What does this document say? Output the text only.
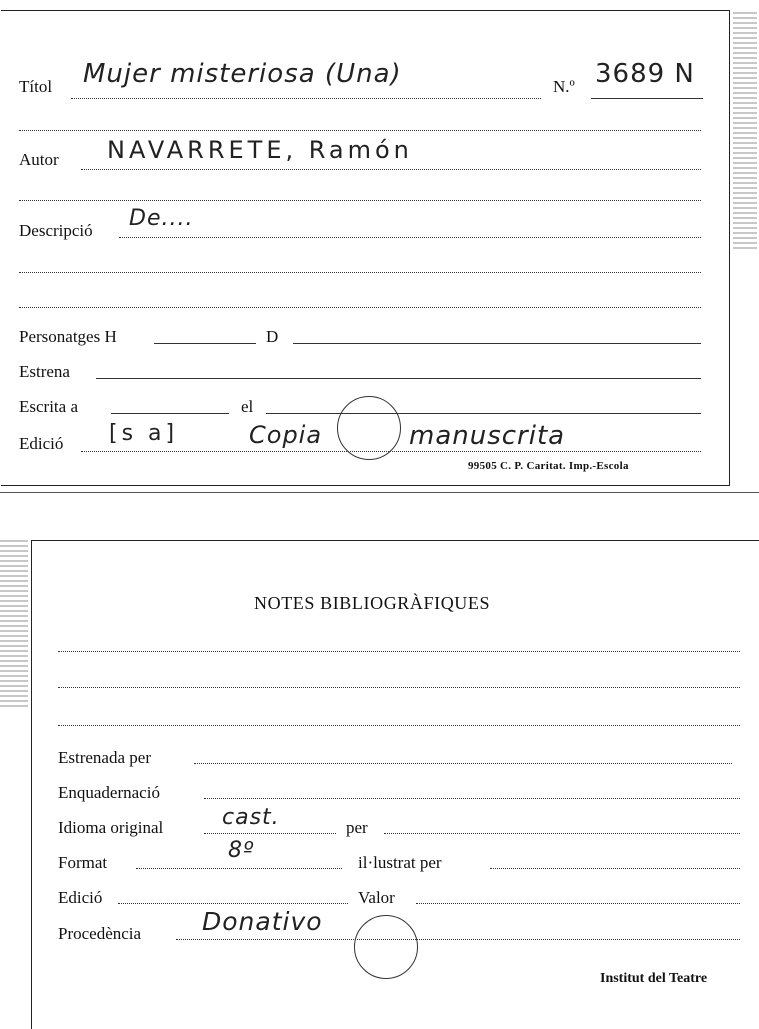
Títol Mujer misteriosa (Una)	N.º 3689 N
Autor NAVARRETE, Ramón
Descripció De....
Personatges H	D
Estrena
Escrita a	el
Edició [s a]	Copia	manuscrita
99505 C. P. Caritat. Imp.-Escola
NOTES BIBLIOGRÀFIQUES
Estrenada per
Enquadernació
Idioma original	cast.	per
Format	8º	il·lustrat per
Edició	Valor
Procedència Donativo
Institut del Teatre
